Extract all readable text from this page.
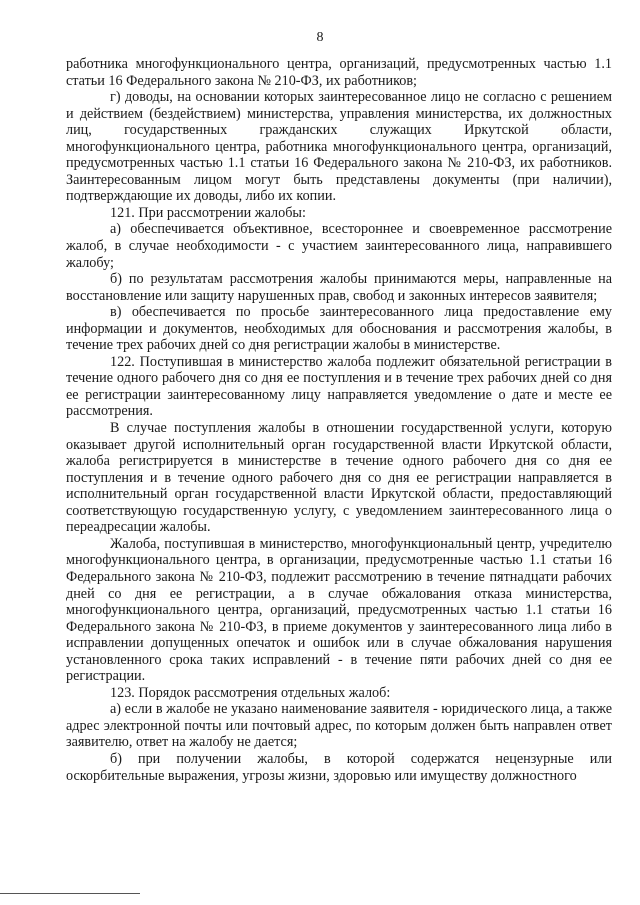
8

работника многофункционального центра, организаций, предусмотренных частью 1.1 статьи 16 Федерального закона № 210-ФЗ, их работников;

г) доводы, на основании которых заинтересованное лицо не согласно с решением и действием (бездействием) министерства, управления министерства, их должностных лиц, государственных гражданских служащих Иркутской области, многофункционального центра, работника многофункционального центра, организаций, предусмотренных частью 1.1 статьи 16 Федерального закона № 210-ФЗ, их работников. Заинтересованным лицом могут быть представлены документы (при наличии), подтверждающие их доводы, либо их копии.

121. При рассмотрении жалобы:

а) обеспечивается объективное, всестороннее и своевременное рассмотрение жалоб, в случае необходимости - с участием заинтересованного лица, направившего жалобу;

б) по результатам рассмотрения жалобы принимаются меры, направленные на восстановление или защиту нарушенных прав, свобод и законных интересов заявителя;

в) обеспечивается по просьбе заинтересованного лица предоставление ему информации и документов, необходимых для обоснования и рассмотрения жалобы, в течение трех рабочих дней со дня регистрации жалобы в министерстве.

122. Поступившая в министерство жалоба подлежит обязательной регистрации в течение одного рабочего дня со дня ее поступления и в течение трех рабочих дней со дня ее регистрации заинтересованному лицу направляется уведомление о дате и месте ее рассмотрения.

В случае поступления жалобы в отношении государственной услуги, которую оказывает другой исполнительный орган государственной власти Иркутской области, жалоба регистрируется в министерстве в течение одного рабочего дня со дня ее поступления и в течение одного рабочего дня со дня ее регистрации направляется в исполнительный орган государственной власти Иркутской области, предоставляющий соответствующую государственную услугу, с уведомлением заинтересованного лица о переадресации жалобы.

Жалоба, поступившая в министерство, многофункциональный центр, учредителю многофункционального центра, в организации, предусмотренные частью 1.1 статьи 16 Федерального закона № 210-ФЗ, подлежит рассмотрению в течение пятнадцати рабочих дней со дня ее регистрации, а в случае обжалования отказа министерства, многофункционального центра, организаций, предусмотренных частью 1.1 статьи 16 Федерального закона № 210-ФЗ, в приеме документов у заинтересованного лица либо в исправлении допущенных опечаток и ошибок или в случае обжалования нарушения установленного срока таких исправлений - в течение пяти рабочих дней со дня ее регистрации.

123. Порядок рассмотрения отдельных жалоб:

а) если в жалобе не указано наименование заявителя - юридического лица, а также адрес электронной почты или почтовый адрес, по которым должен быть направлен ответ заявителю, ответ на жалобу не дается;

б) при получении жалобы, в которой содержатся нецензурные или оскорбительные выражения, угрозы жизни, здоровью или имуществу должностного
